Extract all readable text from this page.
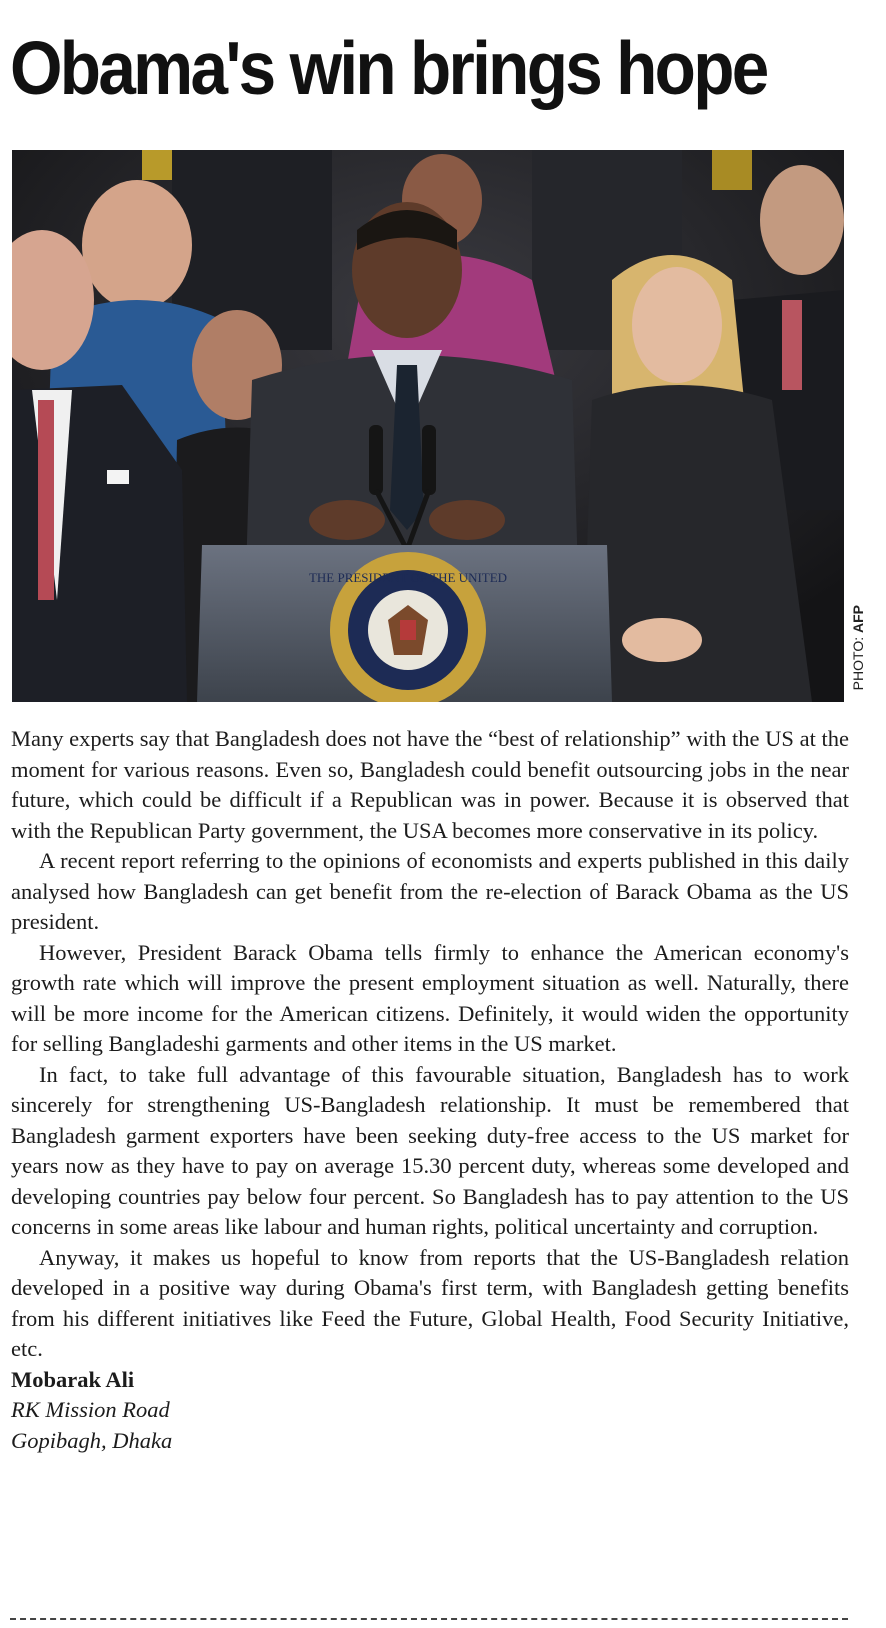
Obama's win brings hope
THE PRESIDENT OF THE UNITED
PHOTO: AFP

Many experts say that Bangladesh does not have the “best of relationship” with the US at the moment for various reasons. Even so, Bangladesh could benefit outsourcing jobs in the near future, which could be difficult if a Republican was in power. Because it is observed that with the Republican Party government, the USA becomes more conservative in its policy.

A recent report referring to the opinions of economists and experts published in this daily analysed how Bangladesh can get benefit from the re-election of Barack Obama as the US president.

However, President Barack Obama tells firmly to enhance the American economy's growth rate which will improve the present employment situation as well. Naturally, there will be more income for the American citizens. Definitely, it would widen the opportunity for selling Bangladeshi garments and other items in the US market.

In fact, to take full advantage of this favourable situation, Bangladesh has to work sincerely for strengthening US-Bangladesh relationship. It must be remembered that Bangladesh garment exporters have been seeking duty-free access to the US market for years now as they have to pay on average 15.30 percent duty, whereas some developed and developing countries pay below four percent. So Bangladesh has to pay attention to the US concerns in some areas like labour and human rights, political uncertainty and corruption.

Anyway, it makes us hopeful to know from reports that the US-Bangladesh relation developed in a positive way during Obama's first term, with Bangladesh getting benefits from his different initiatives like Feed the Future, Global Health, Food Security Initiative, etc.

Mobarak Ali
RK Mission Road
Gopibagh, Dhaka
